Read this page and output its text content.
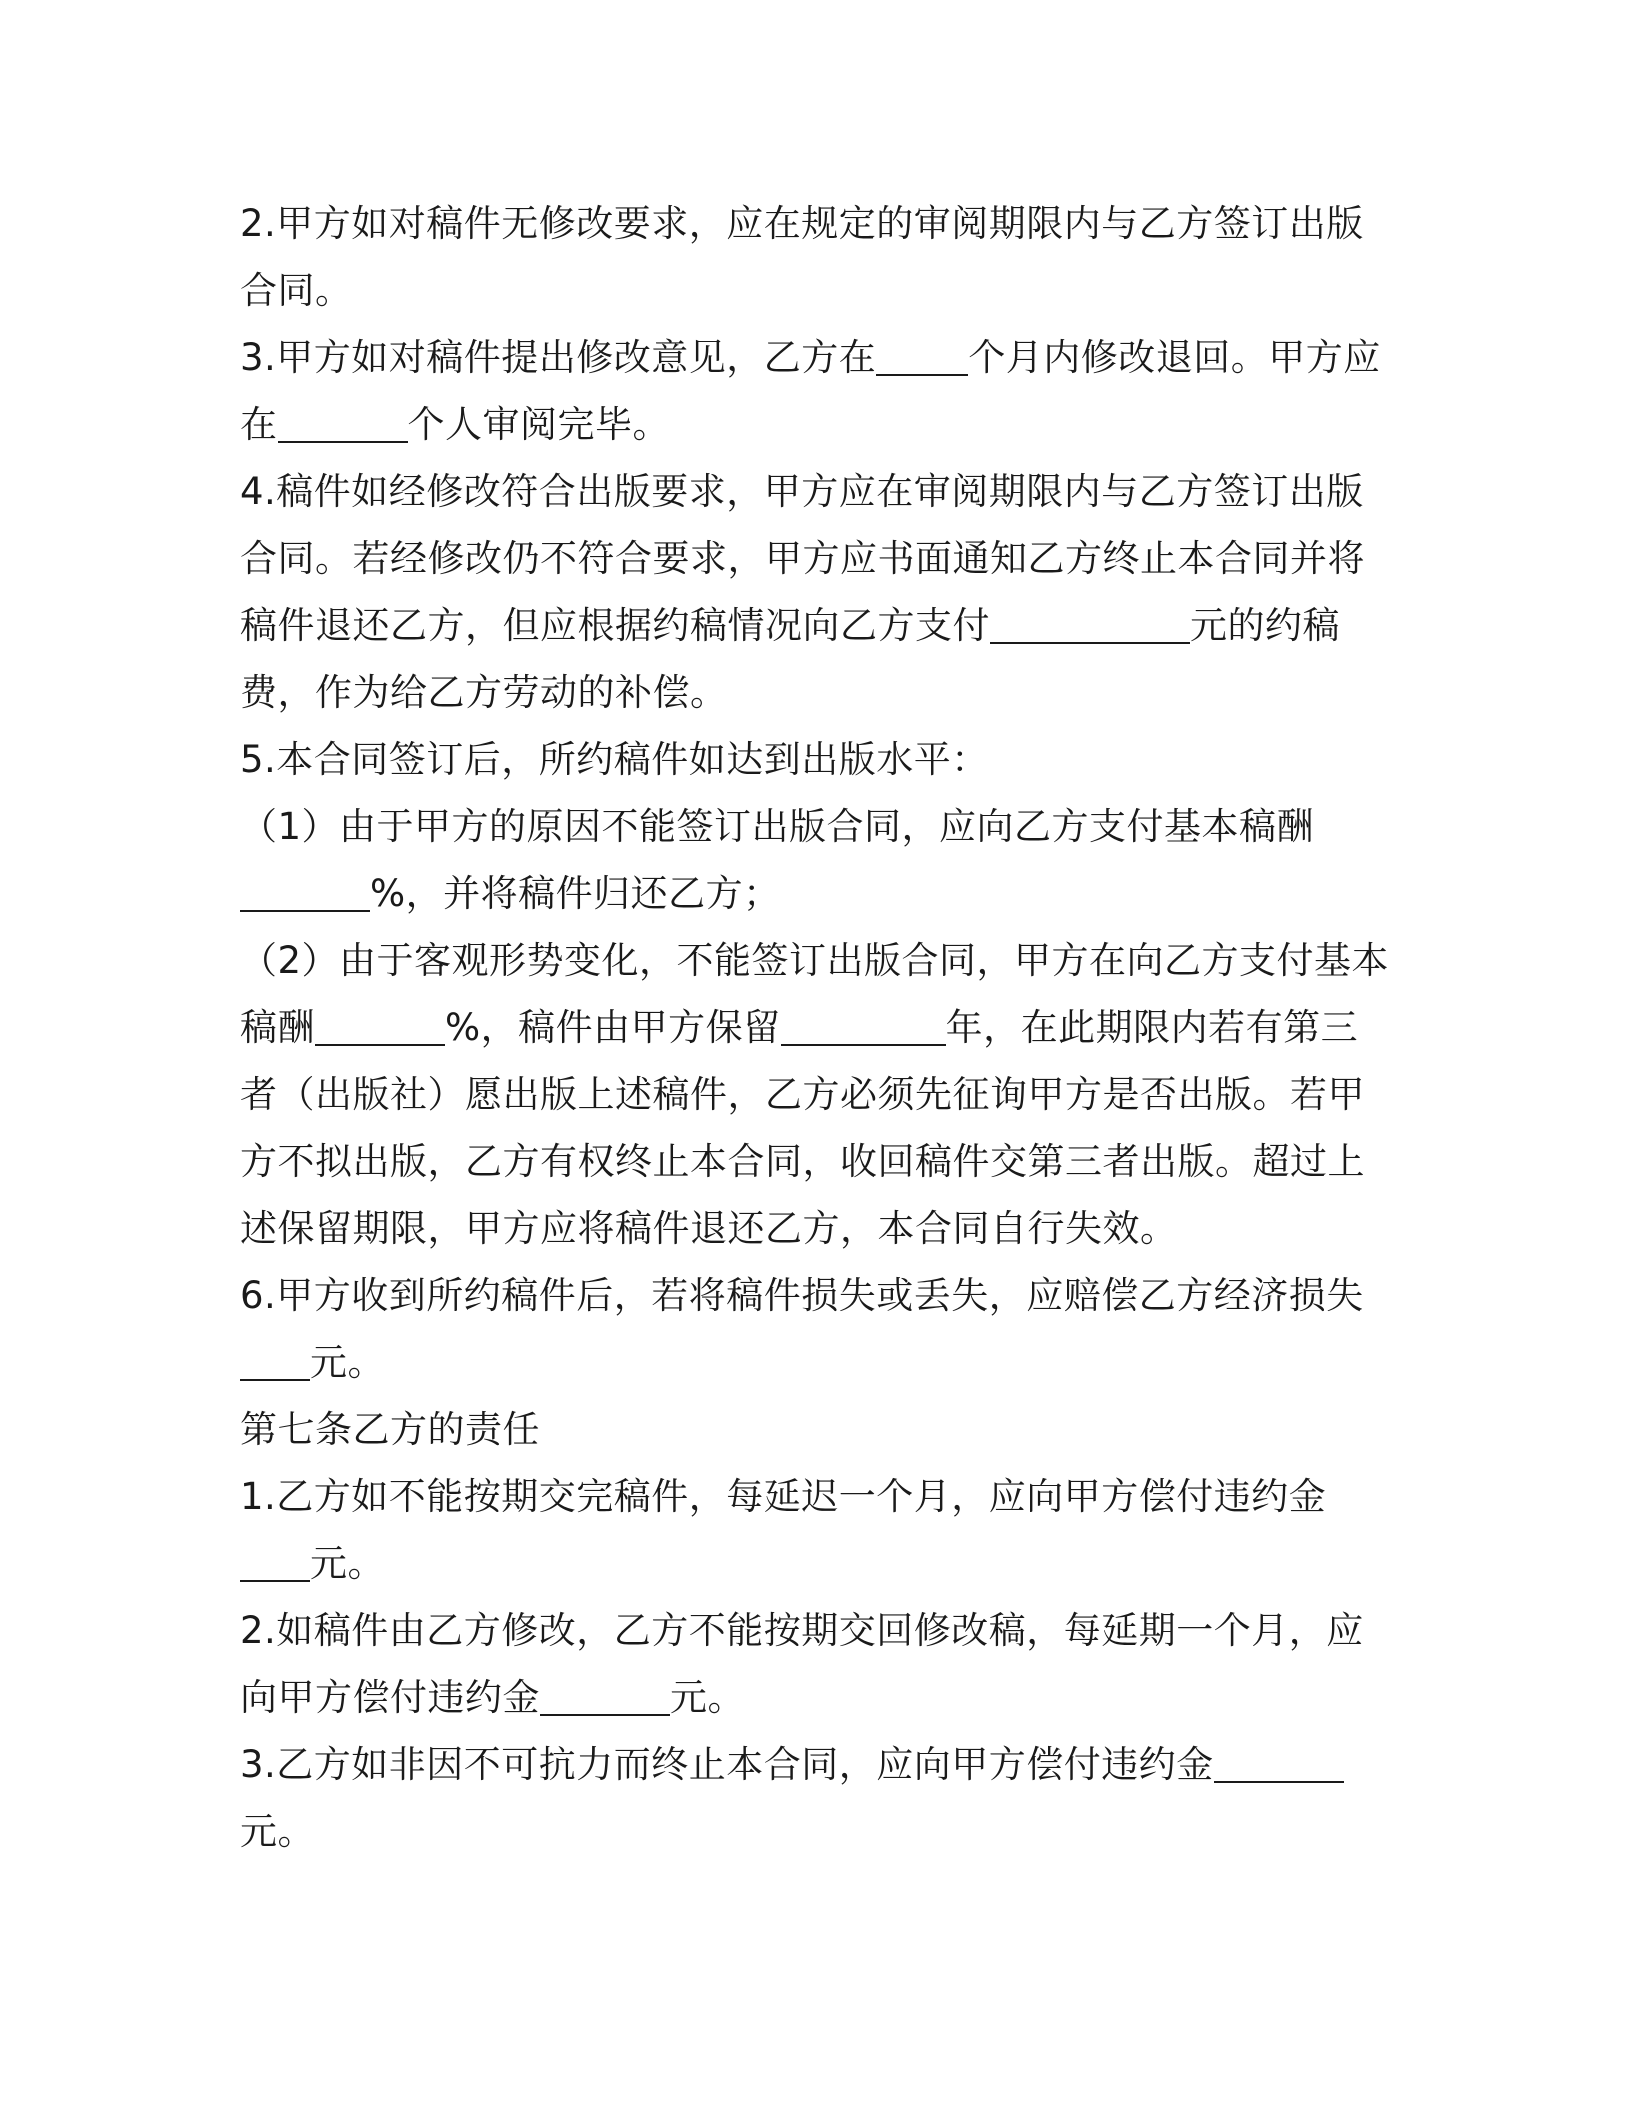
2.甲方如对稿件无修改要求，应在规定的审阅期限内与乙方签订出版合同。
3.甲方如对稿件提出修改意见，乙方在 个月内修改退回。甲方应在	个人审阅完毕。
4.稿件如经修改符合出版要求，甲方应在审阅期限内与乙方签订出版合同。若经修改仍不符合要求，甲方应书面通知乙方终止本合同并将稿件退还乙方，但应根据约稿情况向乙方支付	元的约稿费，作为给乙方劳动的补偿。
5.本合同签订后，所约稿件如达到出版水平：
（1）由于甲方的原因不能签订出版合同，应向乙方支付基本稿酬%，并将稿件归还乙方；
（2）由于客观形势变化，不能签订出版合同，甲方在向乙方支付基本稿酬	%，稿件由甲方保留	年，在此期限内若有第三者（出版社）愿出版上述稿件，乙方必须先征询甲方是否出版。若甲方不拟出版，乙方有权终止本合同，收回稿件交第三者出版。超过上述保留期限，甲方应将稿件退还乙方，本合同自行失效。
6.甲方收到所约稿件后，若将稿件损失或丢失，应赔偿乙方经济损失元。
第七条乙方的责任
1.乙方如不能按期交完稿件，每延迟一个月，应向甲方偿付违约金元。
2.如稿件由乙方修改，乙方不能按期交回修改稿，每延期一个月，应向甲方偿付违约金	元。
3.乙方如非因不可抗力而终止本合同，应向甲方偿付违约金元。
